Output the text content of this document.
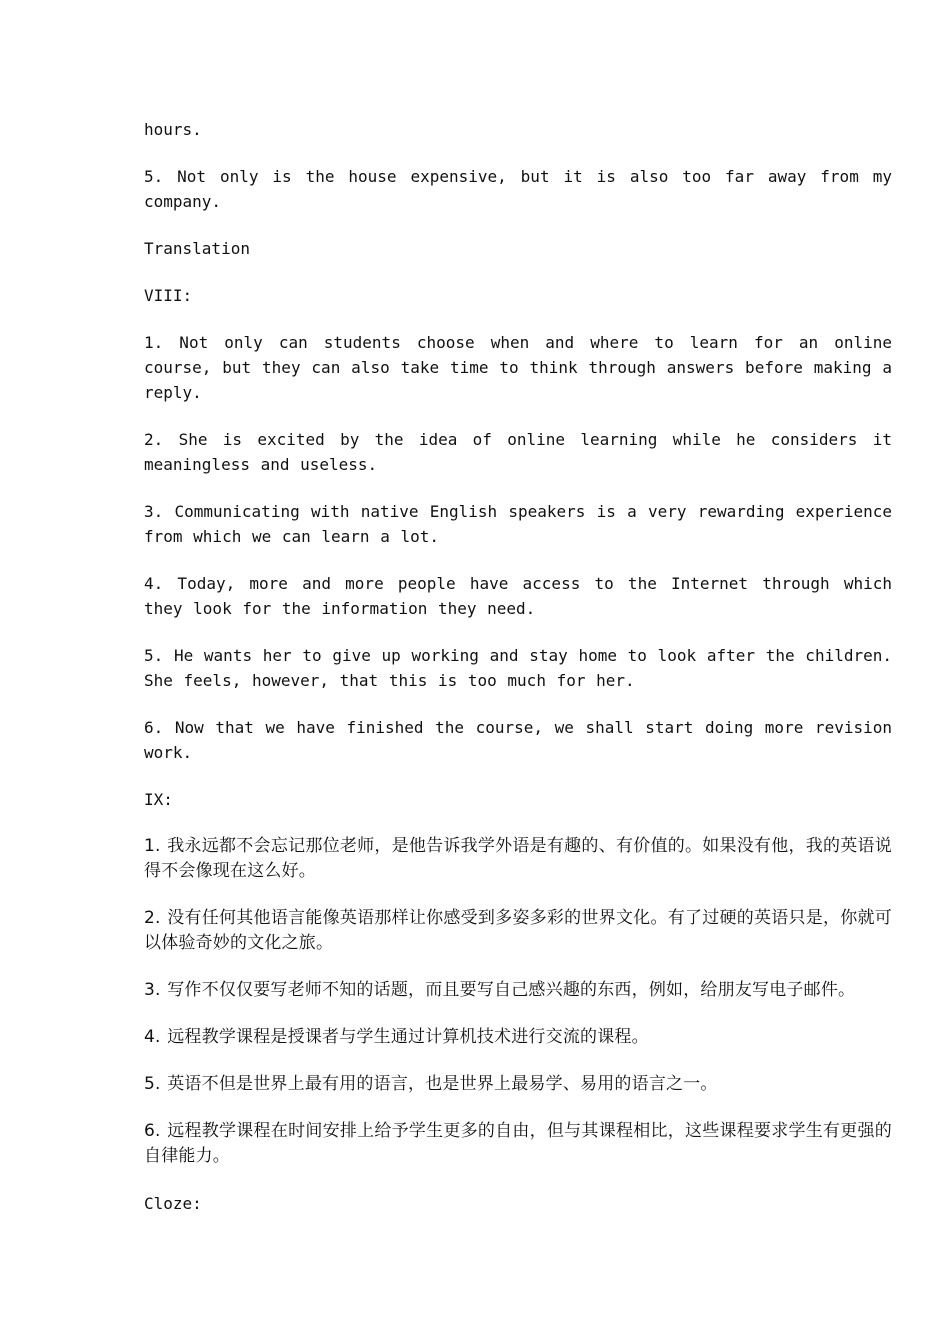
hours.

5. Not only is the house expensive, but it is also too far away from my company.

Translation

VIII:

1. Not only can students choose when and where to learn for an online course, but they can also take time to think through answers before making a reply.

2. She is excited by the idea of online learning while he considers it meaningless and useless.

3. Communicating with native English speakers is a very rewarding experience from which we can learn a lot.

4. Today, more and more people have access to the Internet through which they look for the information they need.

5. He wants her to give up working and stay home to look after the children. She feels, however, that this is too much for her.

6. Now that we have finished the course, we shall start doing more revision work.

IX:

1. 我永远都不会忘记那位老师，是他告诉我学外语是有趣的、有价值的。如果没有他，我的英语说得不会像现在这么好。

2. 没有任何其他语言能像英语那样让你感受到多姿多彩的世界文化。有了过硬的英语只是，你就可以体验奇妙的文化之旅。

3. 写作不仅仅要写老师不知的话题，而且要写自己感兴趣的东西，例如，给朋友写电子邮件。

4. 远程教学课程是授课者与学生通过计算机技术进行交流的课程。

5. 英语不但是世界上最有用的语言，也是世界上最易学、易用的语言之一。

6. 远程教学课程在时间安排上给予学生更多的自由，但与其课程相比，这些课程要求学生有更强的自律能力。

Cloze:
